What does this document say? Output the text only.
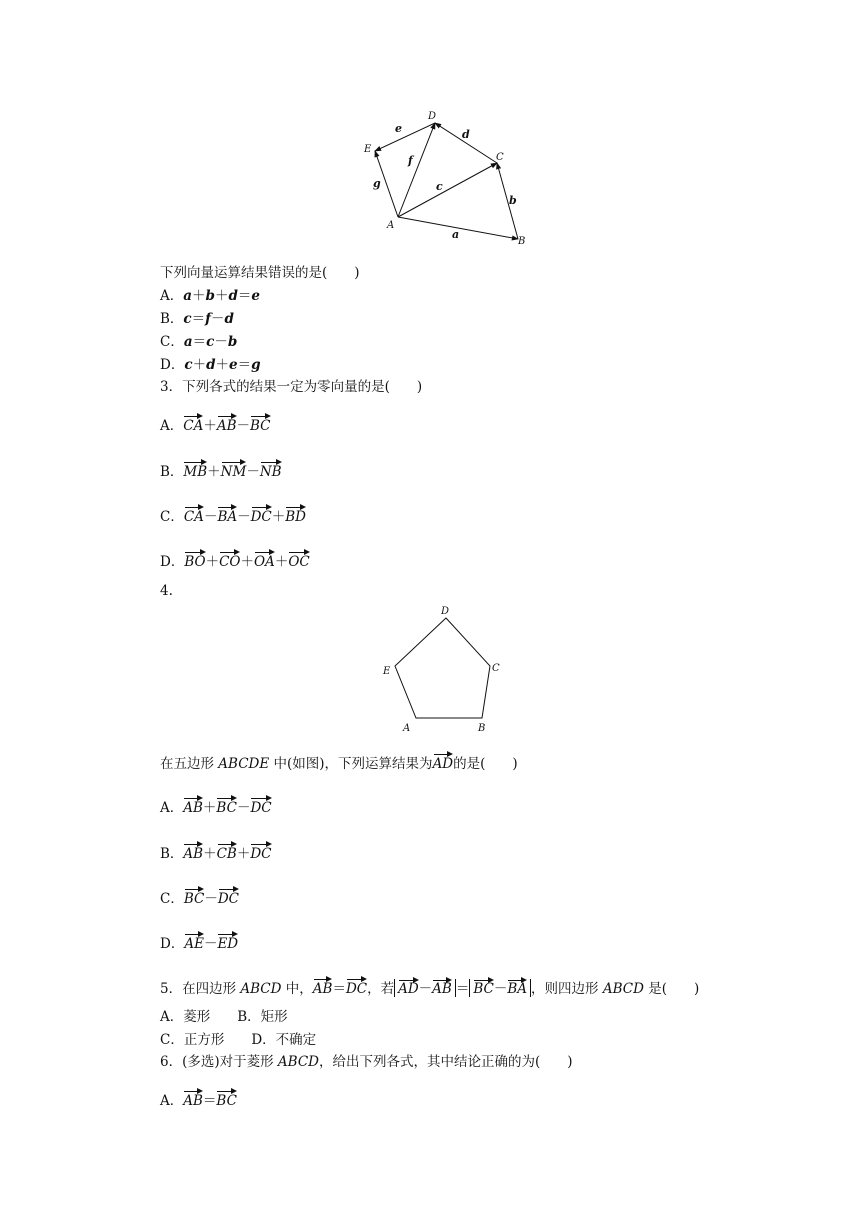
A
B
C
D
E
a
b
c
d
e
f
g
下列向量运算结果错误的是(　　)
A．a＋b＋d＝e
B．c＝f－d
C．a＝c－b
D．c＋d＋e＝g
3．下列各式的结果一定为零向量的是(　　)
A．CA＋AB－BC
B．MB＋NM－NB
C．CA－BA－DC＋BD
D．BO＋CO＋OA＋OC
4.
A	B
C
D
E
在五边形 ABCDE 中(如图)，下列运算结果为AD的是(　　)
A．AB＋BC－DC
B．AB＋CB＋DC
C．BC－DC
D．AE－ED
5．在四边形 ABCD 中，AB＝DC，若 AD－AB ＝ BC－BA ，则四边形 ABCD 是(　　)
A．菱形　　B．矩形
C．正方形　　D．不确定
6．(多选)对于菱形 ABCD，给出下列各式，其中结论正确的为(　　)
A．AB＝BC
